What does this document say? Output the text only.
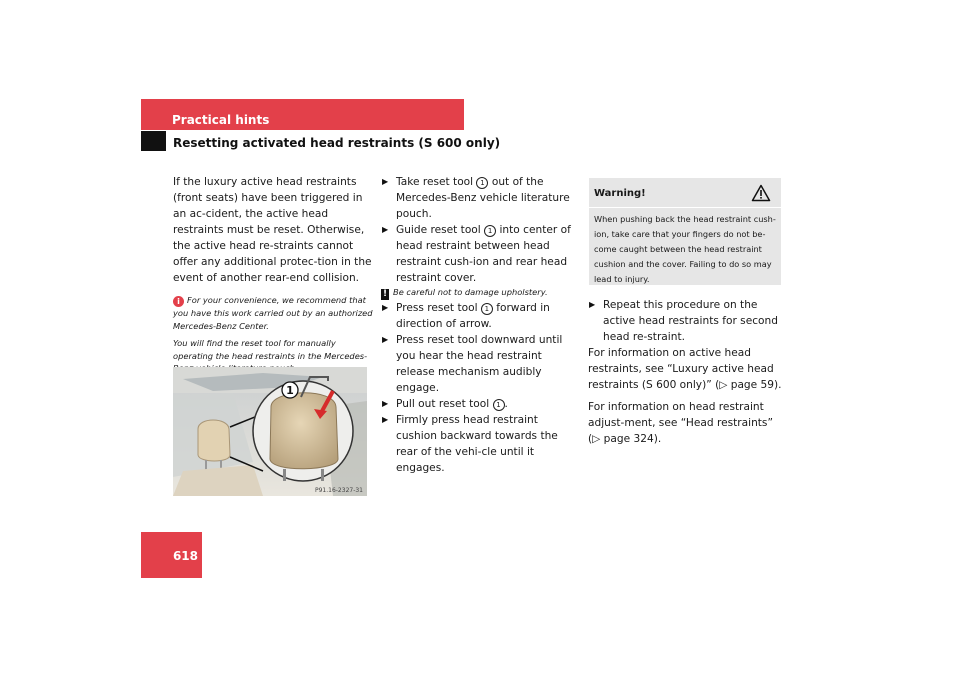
Practical hints
Resetting activated head restraints (S 600 only)
618

If the luxury active head restraints (front seats) have been triggered in an ac-cident, the active head restraints must be reset. Otherwise, the active head re-straints cannot offer any additional protec-tion in the event of another rear-end collision.

i For your convenience, we recommend that you have this work carried out by an authorized Mercedes-Benz Center.

You will find the reset tool for manually operating the head restraints in the Mercedes-

1
P91.16-2327-31

▶ Take reset tool 1 out of the Mercedes-Benz vehicle literature pouch.

▶ Guide reset tool 1 into center of head restraint between head restraint cush-ion and rear head restraint cover.

! Be careful not to damage upholstery.

▶ Press reset tool 1 forward in direction of arrow.

▶ Press reset tool downward until you hear the head restraint release mechanism audibly engage.

▶ Pull out reset tool 1 .

▶ Firmly press head restraint cushion backward towards the rear of the vehi-cle until it engages.

Warning!
When pushing back the head restraint cush-ion, take care that your fingers do not be-come caught between the head restraint cushion and the cover. Failing to do so may lead to injury.

▶ Repeat this procedure on the active head restraints for second head re-straint.

For information on active head restraints, see “Luxury active head restraints (S 600 only)” (▷ page 59).

For information on head restraint adjust-ment, see “Head restraints” (▷ page 324).
